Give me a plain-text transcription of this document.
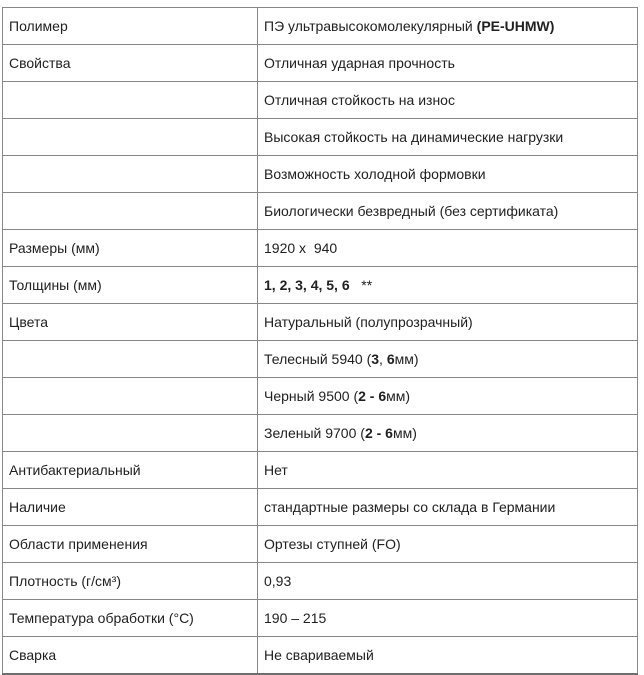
Полимер	ПЭ ультравысокомолекулярный (PE-UHMW)
Свойства	Отличная ударная прочность
	Отличная стойкость на износ
	Высокая стойкость на динамические нагрузки
	Возможность холодной формовки
	Биологически безвредный (без сертификата)
Размеры (мм)	1920 x  940
Толщины (мм)	1, 2, 3, 4, 5, 6   **
Цвета	Натуральный (полупрозрачный)
	Телесный 5940 (3, 6мм)
	Черный 9500 (2 - 6мм)
	Зеленый 9700 (2 - 6мм)
Антибактериальный	Нет
Наличие	стандартные размеры со склада в Германии
Области применения	Ортезы ступней (FO)
Плотность (г/см³)	0,93
Температура обработки (°С)	190 – 215
Сварка	Не свариваемый
